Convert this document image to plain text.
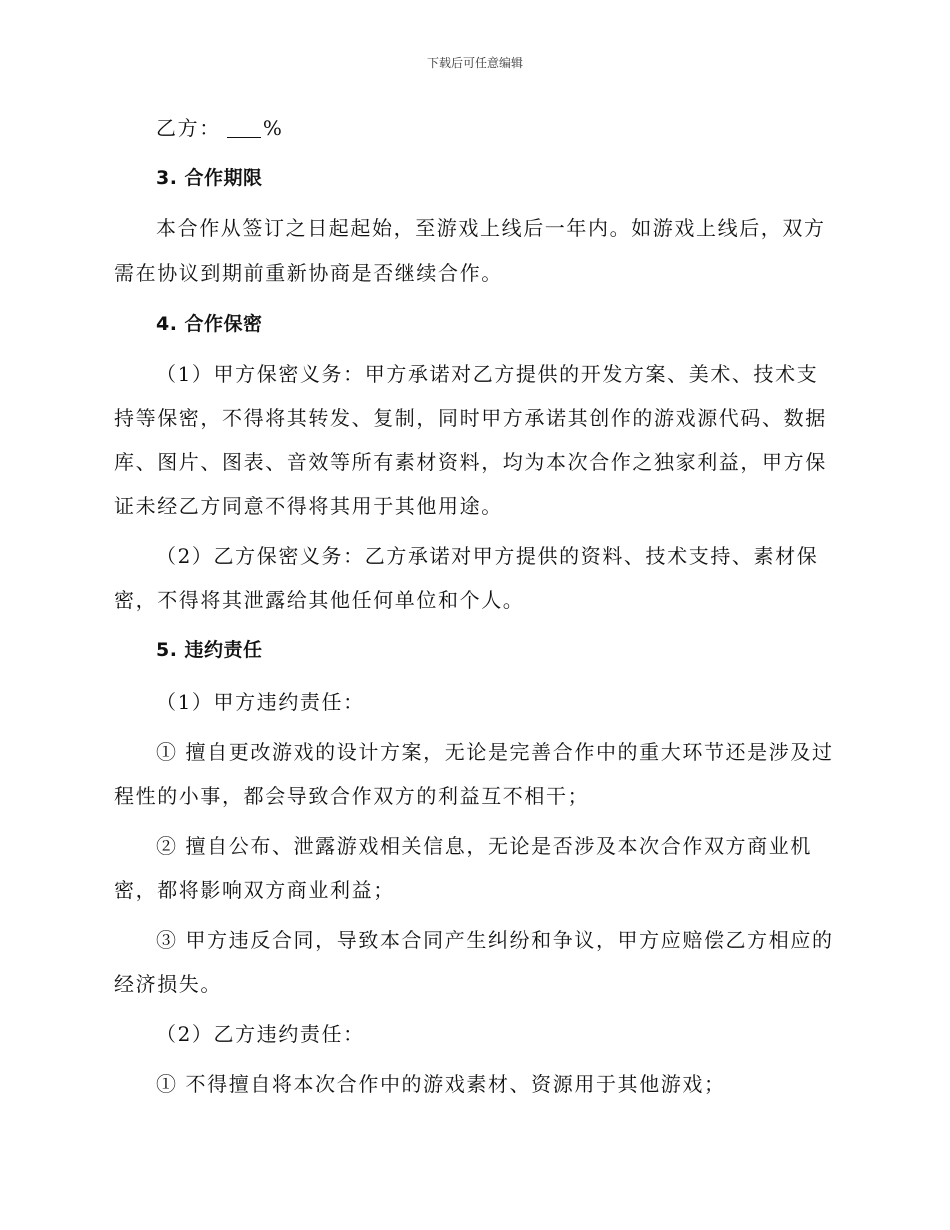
下载后可任意编辑
乙方： %
3. 合作期限
本合作从签订之日起起始，至游戏上线后一年内。如游戏上线后，双方
需在协议到期前重新协商是否继续合作。
4. 合作保密
（1）甲方保密义务：甲方承诺对乙方提供的开发方案、美术、技术支
持等保密，不得将其转发、复制，同时甲方承诺其创作的游戏源代码、数据
库、图片、图表、音效等所有素材资料，均为本次合作之独家利益，甲方保
证未经乙方同意不得将其用于其他用途。
（2）乙方保密义务：乙方承诺对甲方提供的资料、技术支持、素材保
密，不得将其泄露给其他任何单位和个人。
5. 违约责任
（1）甲方违约责任：
① 擅自更改游戏的设计方案，无论是完善合作中的重大环节还是涉及过
程性的小事，都会导致合作双方的利益互不相干；
② 擅自公布、泄露游戏相关信息，无论是否涉及本次合作双方商业机
密，都将影响双方商业利益；
③ 甲方违反合同，导致本合同产生纠纷和争议，甲方应赔偿乙方相应的
经济损失。
（2）乙方违约责任：
① 不得擅自将本次合作中的游戏素材、资源用于其他游戏；
